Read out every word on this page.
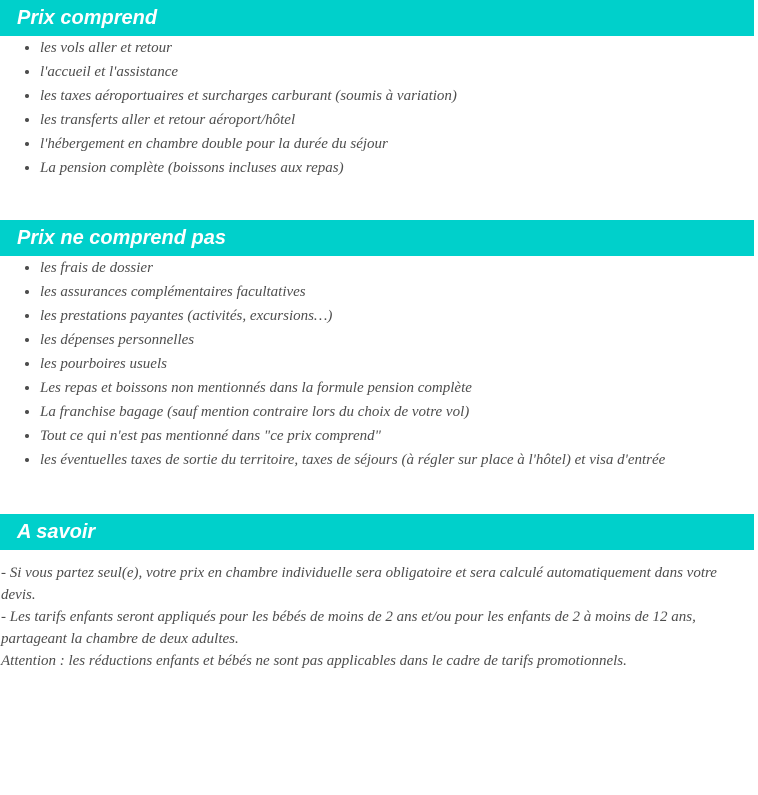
Prix comprend
les vols aller et retour
l'accueil et l'assistance
les taxes aéroportuaires et surcharges carburant (soumis à variation)
les transferts aller et retour aéroport/hôtel
l'hébergement en chambre double pour la durée du séjour
La pension complète (boissons incluses aux repas)
Prix ne comprend pas
les frais de dossier
les assurances complémentaires facultatives
les prestations payantes (activités, excursions…)
les dépenses personnelles
les pourboires usuels
Les repas et boissons non mentionnés dans la formule pension complète
La franchise bagage (sauf mention contraire lors du choix de votre vol)
Tout ce qui n'est pas mentionné dans "ce prix comprend"
les éventuelles taxes de sortie du territoire, taxes de séjours (à régler sur place à l'hôtel) et visa d'entrée
A savoir

- Si vous partez seul(e), votre prix en chambre individuelle sera obligatoire et sera calculé automatiquement dans votre devis.

- Les tarifs enfants seront appliqués pour les bébés de moins de 2 ans et/ou pour les enfants de 2 à moins de 12 ans, partageant la chambre de deux adultes.

Attention : les réductions enfants et bébés ne sont pas applicables dans le cadre de tarifs promotionnels.
